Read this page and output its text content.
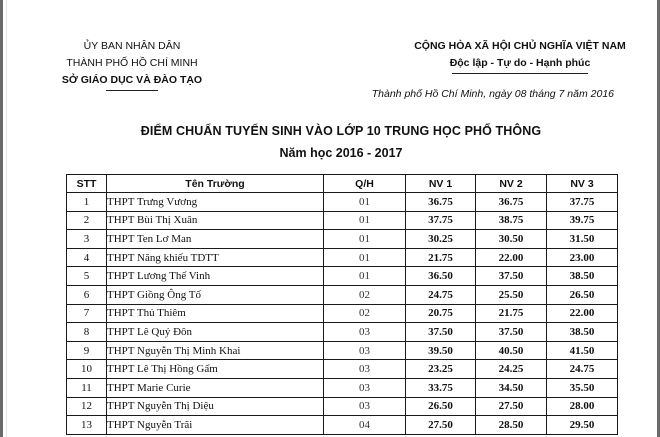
ỦY BAN NHÂN DÂN
THÀNH PHỐ HỒ CHÍ MINH
SỞ GIÁO DỤC VÀ ĐÀO TẠO
CỘNG HÒA XÃ HỘI CHỦ NGHĨA VIỆT NAM
Độc lập - Tự do - Hạnh phúc
Thành phố Hồ Chí Minh, ngày 08 tháng 7 năm 2016
ĐIỂM CHUẨN TUYỂN SINH VÀO LỚP 10 TRUNG HỌC PHỔ THÔNG
Năm học 2016 - 2017
STT	Tên Trường	Q/H	NV 1	NV 2	NV 3
1	THPT Trưng Vương	01	36.75	36.75	37.75
2	THPT Bùi Thị Xuân	01	37.75	38.75	39.75
3	THPT Ten Lơ Man	01	30.25	30.50	31.50
4	THPT Năng khiếu TDTT	01	21.75	22.00	23.00
5	THPT Lương Thế Vinh	01	36.50	37.50	38.50
6	THPT Giồng Ông Tố	02	24.75	25.50	26.50
7	THPT Thủ Thiêm	02	20.75	21.75	22.00
8	THPT Lê Quý Đôn	03	37.50	37.50	38.50
9	THPT Nguyễn Thị Minh Khai	03	39.50	40.50	41.50
10	THPT Lê Thị Hồng Gấm	03	23.25	24.25	24.75
11	THPT Marie Curie	03	33.75	34.50	35.50
12	THPT Nguyễn Thị Diệu	03	26.50	27.50	28.00
13	THPT Nguyễn Trãi	04	27.50	28.50	29.50
